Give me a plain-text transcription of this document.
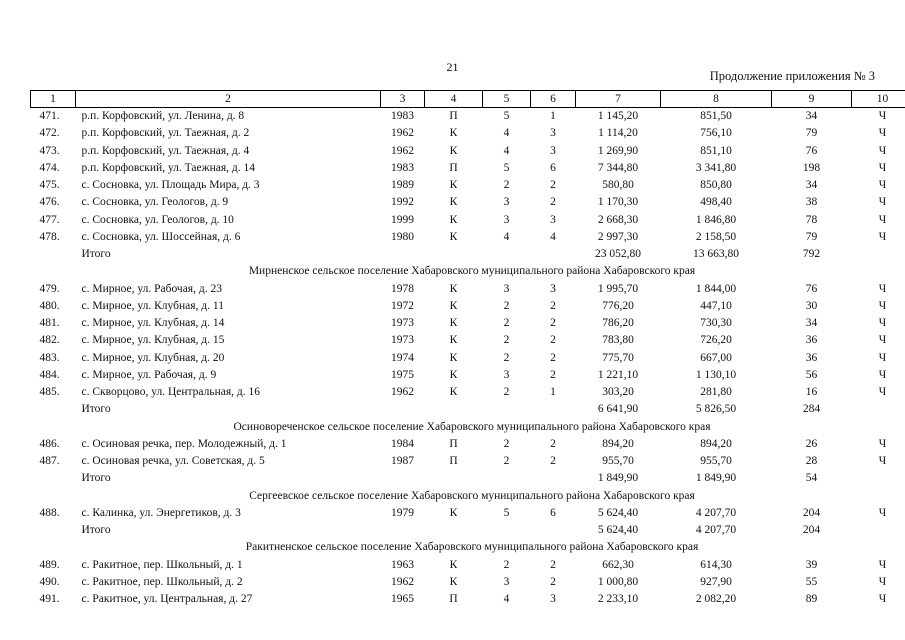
21
Продолжение приложения № 3
1	2	3	4	5	6	7	8	9	10
471.	р.п. Корфовский, ул. Ленина, д. 8	1983	П	5	1	1 145,20	851,50	34	Ч
472.	р.п. Корфовский, ул. Таежная, д. 2	1962	К	4	3	1 114,20	756,10	79	Ч
473.	р.п. Корфовский, ул. Таежная, д. 4	1962	К	4	3	1 269,90	851,10	76	Ч
474.	р.п. Корфовский, ул. Таежная, д. 14	1983	П	5	6	7 344,80	3 341,80	198	Ч
475.	с. Сосновка, ул. Площадь Мира, д. 3	1989	К	2	2	580,80	850,80	34	Ч
476.	с. Сосновка, ул. Геологов, д. 9	1992	К	3	2	1 170,30	498,40	38	Ч
477.	с. Сосновка, ул. Геологов, д. 10	1999	К	3	3	2 668,30	1 846,80	78	Ч
478.	с. Сосновка, ул. Шоссейная, д. 6	1980	К	4	4	2 997,30	2 158,50	79	Ч
	Итого					23 052,80	13 663,80	792	
Мирненское сельское поселение Хабаровского муниципального района Хабаровского края									
479.	с. Мирное, ул. Рабочая, д. 23	1978	К	3	3	1 995,70	1 844,00	76	Ч
480.	с. Мирное, ул. Клубная, д. 11	1972	К	2	2	776,20	447,10	30	Ч
481.	с. Мирное, ул. Клубная, д. 14	1973	К	2	2	786,20	730,30	34	Ч
482.	с. Мирное, ул. Клубная, д. 15	1973	К	2	2	783,80	726,20	36	Ч
483.	с. Мирное, ул. Клубная, д. 20	1974	К	2	2	775,70	667,00	36	Ч
484.	с. Мирное, ул. Рабочая, д. 9	1975	К	3	2	1 221,10	1 130,10	56	Ч
485.	с. Скворцово, ул. Центральная, д. 16	1962	К	2	1	303,20	281,80	16	Ч
	Итого					6 641,90	5 826,50	284	
Осиновореченское сельское поселение Хабаровского муниципального района Хабаровского края									
486.	с. Осиновая речка, пер. Молодежный, д. 1	1984	П	2	2	894,20	894,20	26	Ч
487.	с. Осиновая речка, ул. Советская, д. 5	1987	П	2	2	955,70	955,70	28	Ч
	Итого					1 849,90	1 849,90	54	
Сергеевское сельское поселение Хабаровского муниципального района Хабаровского края									
488.	с. Калинка, ул. Энергетиков, д. 3	1979	К	5	6	5 624,40	4 207,70	204	Ч
	Итого					5 624,40	4 207,70	204	
Ракитненское сельское поселение Хабаровского муниципального района Хабаровского края									
489.	с. Ракитное, пер. Школьный, д. 1	1963	К	2	2	662,30	614,30	39	Ч
490.	с. Ракитное, пер. Школьный, д. 2	1962	К	3	2	1 000,80	927,90	55	Ч
491.	с. Ракитное, ул. Центральная, д. 27	1965	П	4	3	2 233,10	2 082,20	89	Ч
